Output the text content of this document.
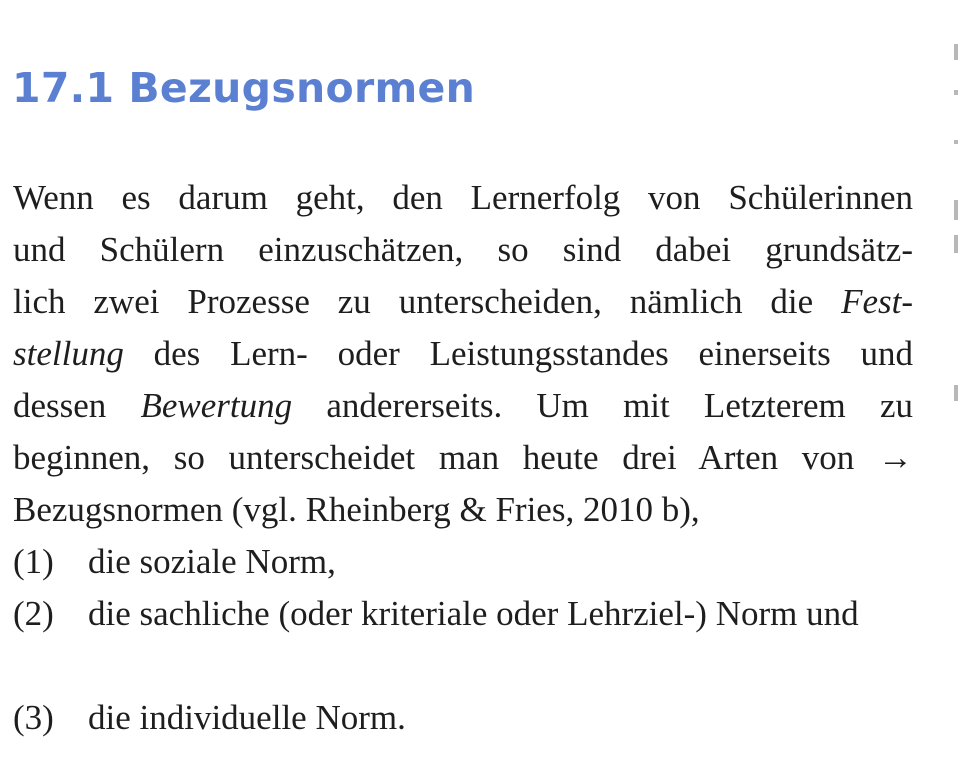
17.1 Bezugsnormen
Wenn es darum geht, den Lernerfolg von Schülerinnen
und Schülern einzuschätzen, so sind dabei grundsätz-
lich zwei Prozesse zu unterscheiden, nämlich die Fest-
stellung des Lern- oder Leistungsstandes einerseits und
dessen Bewertung andererseits. Um mit Letzterem zu
beginnen, so unterscheidet man heute drei Arten von →
Bezugsnormen (vgl. Rheinberg & Fries, 2010 b),
(1) die soziale Norm,
(2) die sachliche (oder kriteriale oder Lehrziel-) Norm und
(3) die individuelle Norm.
